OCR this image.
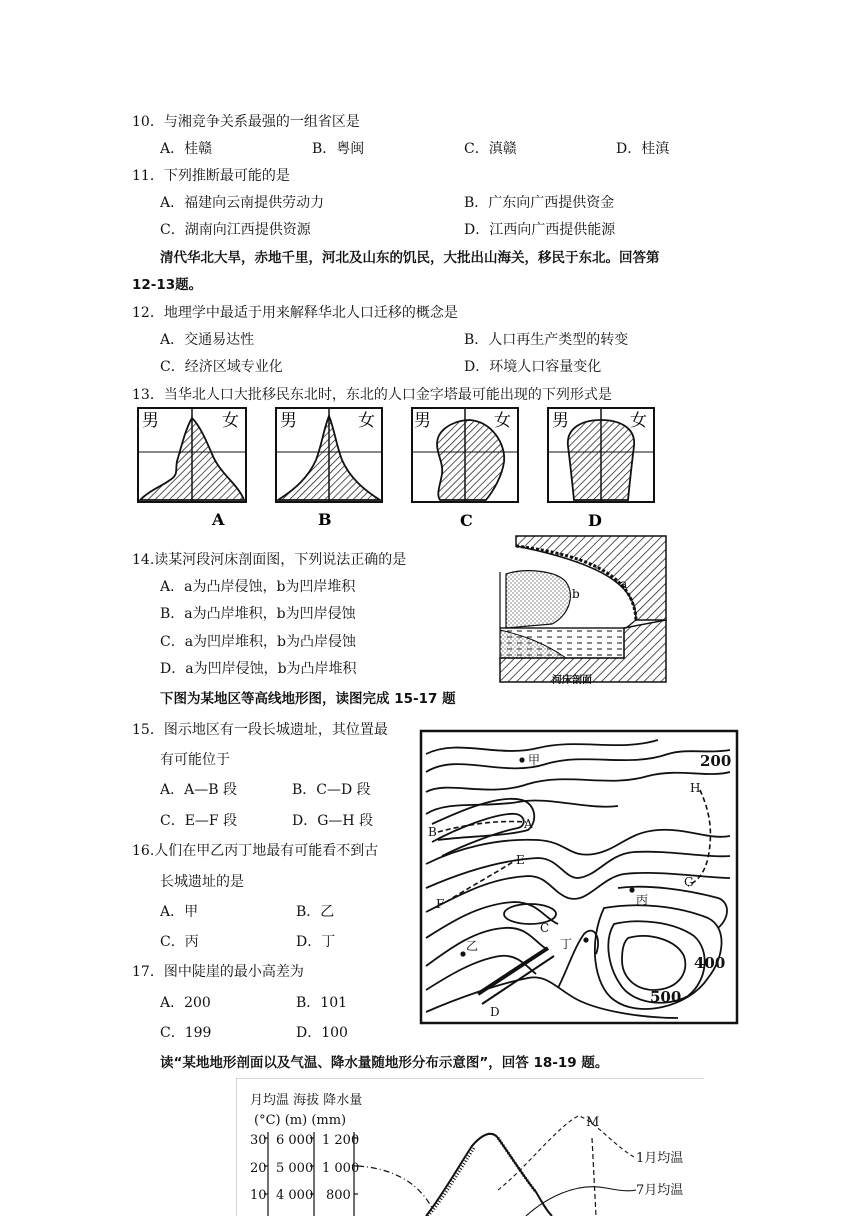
10．与湘竞争关系最强的一组省区是
A．桂赣	B．粤闽	C．滇赣	D．桂滇
11．下列推断最可能的是
A．福建向云南提供劳动力	B．广东向广西提供资金
C．湖南向江西提供资源	D．江西向广西提供能源
清代华北大旱，赤地千里，河北及山东的饥民，大批出山海关，移民于东北。回答第
12-13题。
12．地理学中最适于用来解释华北人口迁移的概念是
A．交通易达性	B．人口再生产类型的转变
C．经济区域专业化	D．环境人口容量变化
13．当华北人口大批移民东北时，东北的人口金字塔最可能出现的下列形式是
男	女
A
男	女
B
男	女
C
男	女
D
14.读某河段河床剖面图，下列说法正确的是
A．a为凸岸侵蚀，b为凹岸堆积
B．a为凸岸堆积，b为凹岸侵蚀
C．a为凹岸堆积，b为凸岸侵蚀
D．a为凹岸侵蚀，b为凸岸堆积
a
b
河床剖面
下图为某地区等高线地形图，读图完成 15-17 题
15．图示地区有一段长城遗址，其位置最
有可能位于
A．A—B 段	B．C—D 段
C．E—F 段	D．G—H 段
16.人们在甲乙丙丁地最有可能看不到古
长城遗址的是
A．甲	B．乙
C．丙	D．丁
17．图中陡崖的最小高差为
A．200	B．101
C．199	D．100
甲
乙
丙
丁
A
B
C
D
E
F
G
H
200
400
500
读“某地地形剖面以及气温、降水量随地形分布示意图”，回答 18-19 题。
月均温 海拔 降水量
(°C) (m) (mm)
30
20
10
6 000
5 000
4 000
1 200
1 000
800
M
1月均温
7月均温
